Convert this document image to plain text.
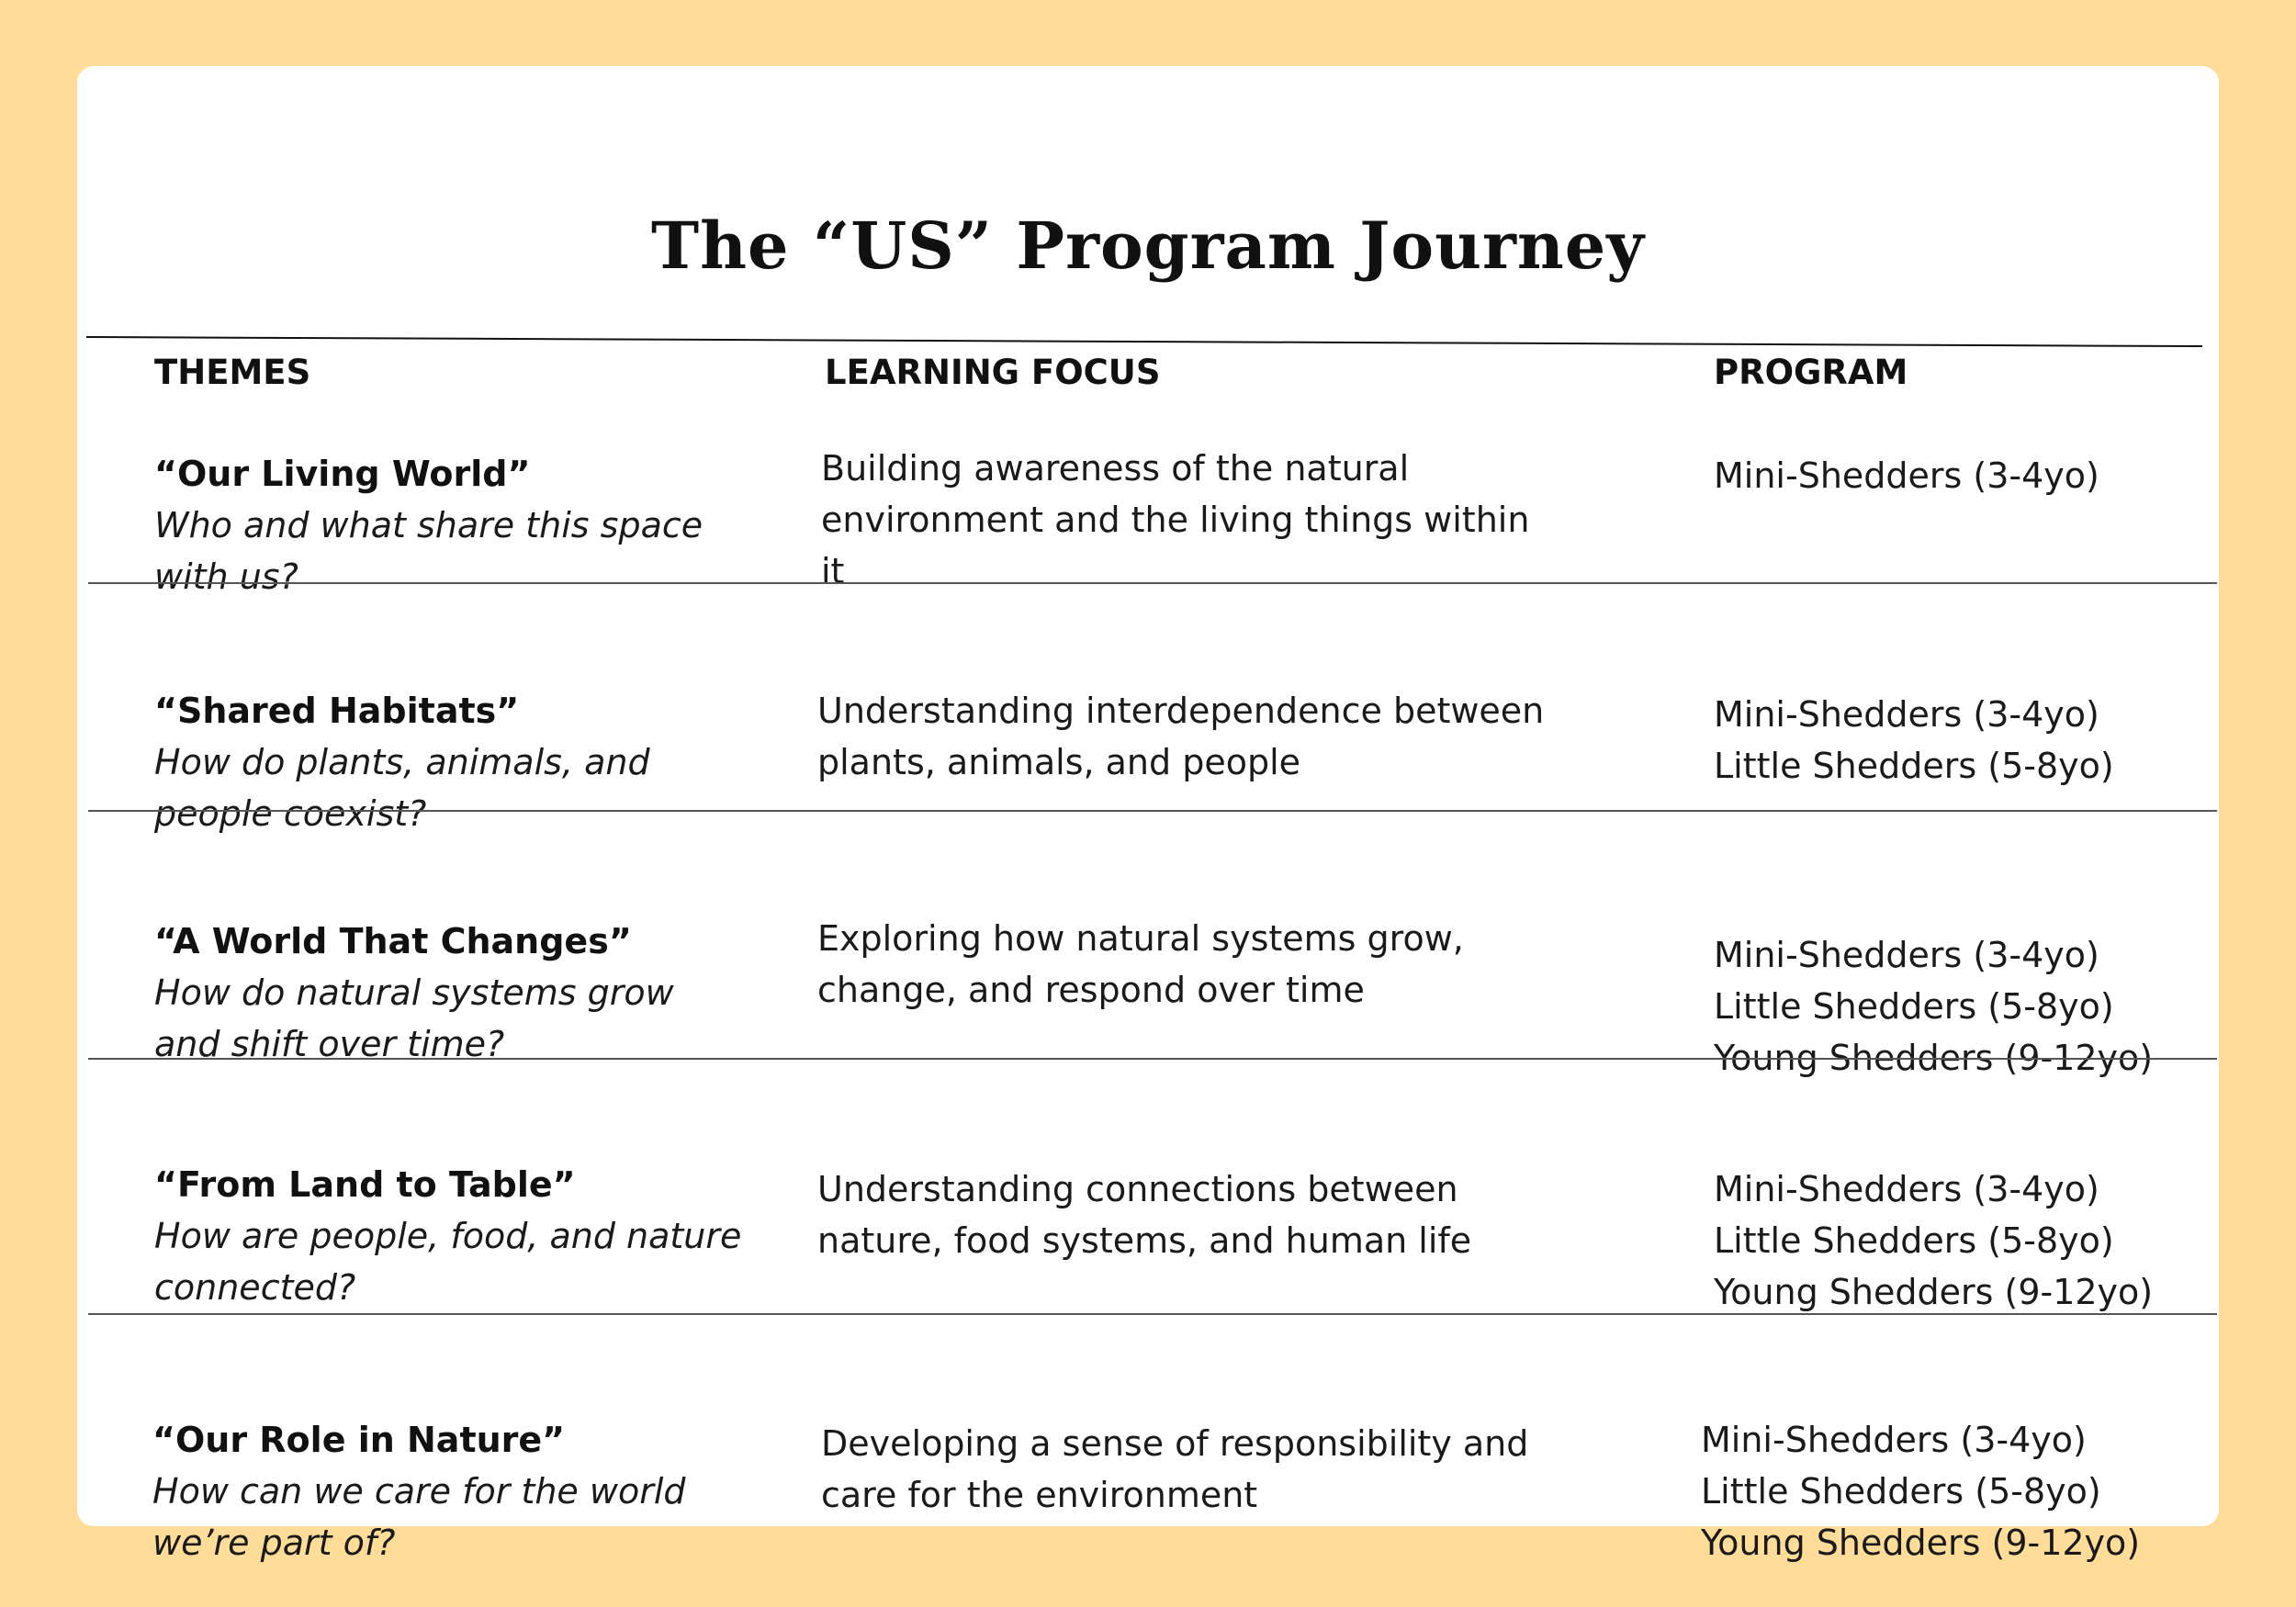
The “US” Program Journey
THEMES	LEARNING FOCUS	PROGRAM
“Our Living World”
Who and what share this space with us?
Building awareness of the natural environment and the living things within it
Mini-Shedders (3-4yo)
“Shared Habitats”
How do plants, animals, and people coexist?
Understanding interdependence between plants, animals, and people
Mini-Shedders (3-4yo)
Little Shedders (5-8yo)
“A World That Changes”
How do natural systems grow and shift over time?
Exploring how natural systems grow, change, and respond over time
Mini-Shedders (3-4yo)
Little Shedders (5-8yo)
Young Shedders (9-12yo)
“From Land to Table”
How are people, food, and nature connected?
Understanding connections between nature, food systems, and human life
Mini-Shedders (3-4yo)
Little Shedders (5-8yo)
Young Shedders (9-12yo)
“Our Role in Nature”
How can we care for the world we’re part of?
Developing a sense of responsibility and care for the environment
Mini-Shedders (3-4yo)
Little Shedders (5-8yo)
Young Shedders (9-12yo)
